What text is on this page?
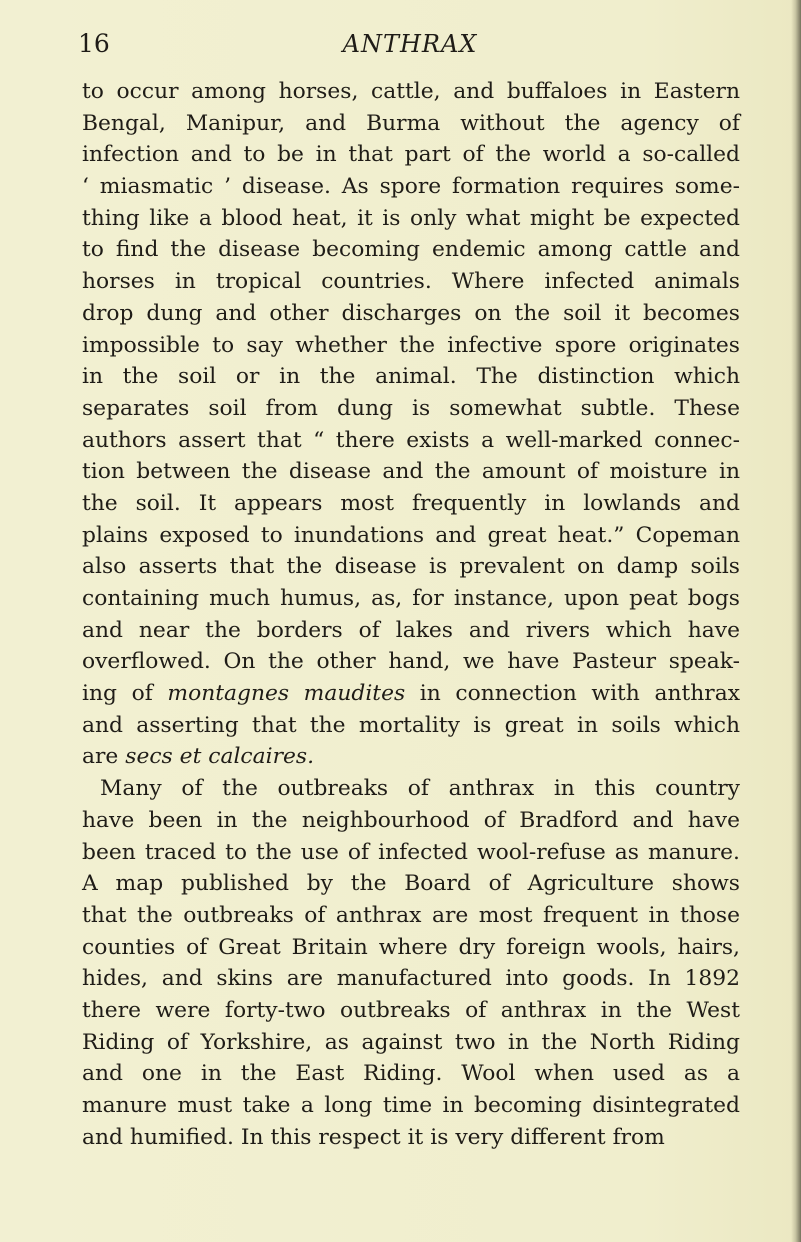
16	ANTHRAX
to occur among horses, cattle, and buffaloes in Eastern
Bengal, Manipur, and Burma without the agency of
infection and to be in that part of the world a so-called
‘ miasmatic ’ disease. As spore formation requires some-
thing like a blood heat, it is only what might be expected
to find the disease becoming endemic among cattle and
horses in tropical countries. Where infected animals
drop dung and other discharges on the soil it becomes
impossible to say whether the infective spore originates
in the soil or in the animal. The distinction which
separates soil from dung is somewhat subtle. These
authors assert that “ there exists a well-marked connec-
tion between the disease and the amount of moisture in
the soil. It appears most frequently in lowlands and
plains exposed to inundations and great heat.” Copeman
also asserts that the disease is prevalent on damp soils
containing much humus, as, for instance, upon peat bogs
and near the borders of lakes and rivers which have
overflowed. On the other hand, we have Pasteur speak-
ing of montagnes maudites in connection with anthrax
and asserting that the mortality is great in soils which
are secs et calcaires.
Many of the outbreaks of anthrax in this country
have been in the neighbourhood of Bradford and have
been traced to the use of infected wool-refuse as manure.
A map published by the Board of Agriculture shows
that the outbreaks of anthrax are most frequent in those
counties of Great Britain where dry foreign wools, hairs,
hides, and skins are manufactured into goods. In 1892
there were forty-two outbreaks of anthrax in the West
Riding of Yorkshire, as against two in the North Riding
and one in the East Riding. Wool when used as a
manure must take a long time in becoming disintegrated
and humified. In this respect it is very different from
